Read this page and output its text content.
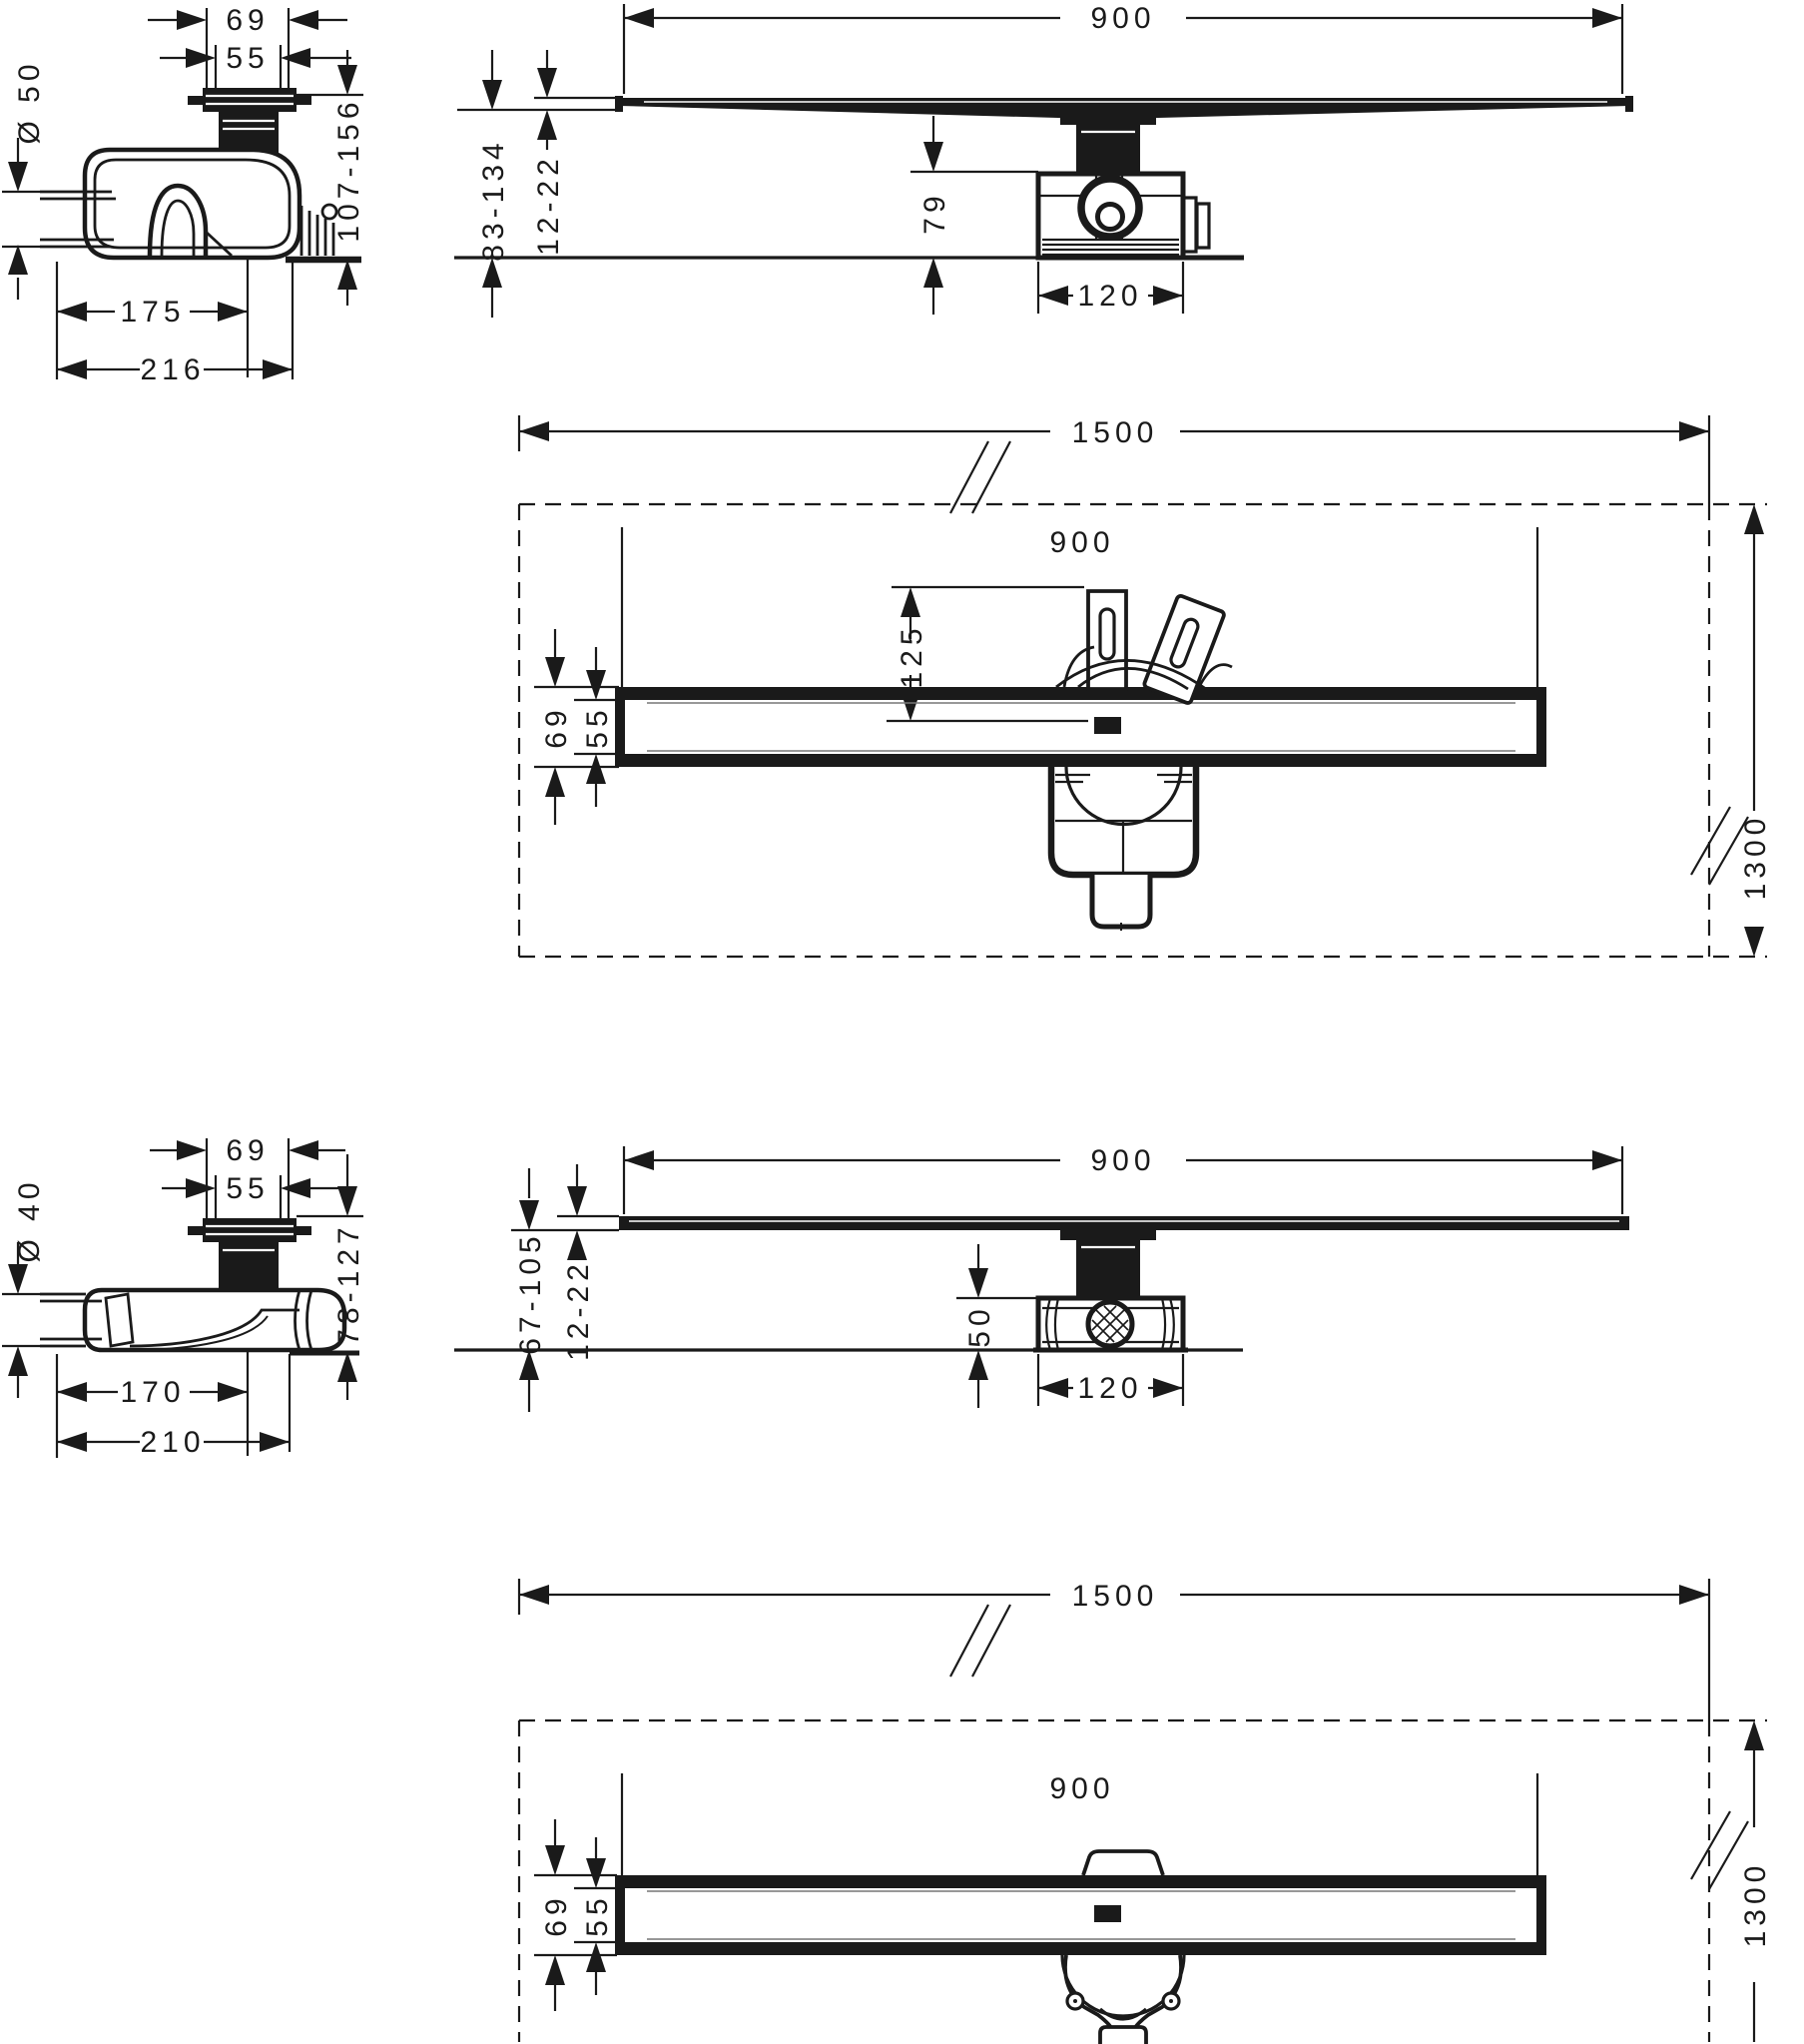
69
55
Ø 50	107-156
175
216
900
83-134 12-22	79
120
1500
900
125
69 55
1300
69
55
Ø 40
78-127
170
210
900
67-105 12-22	50
120
1500
900
69 55	1300
